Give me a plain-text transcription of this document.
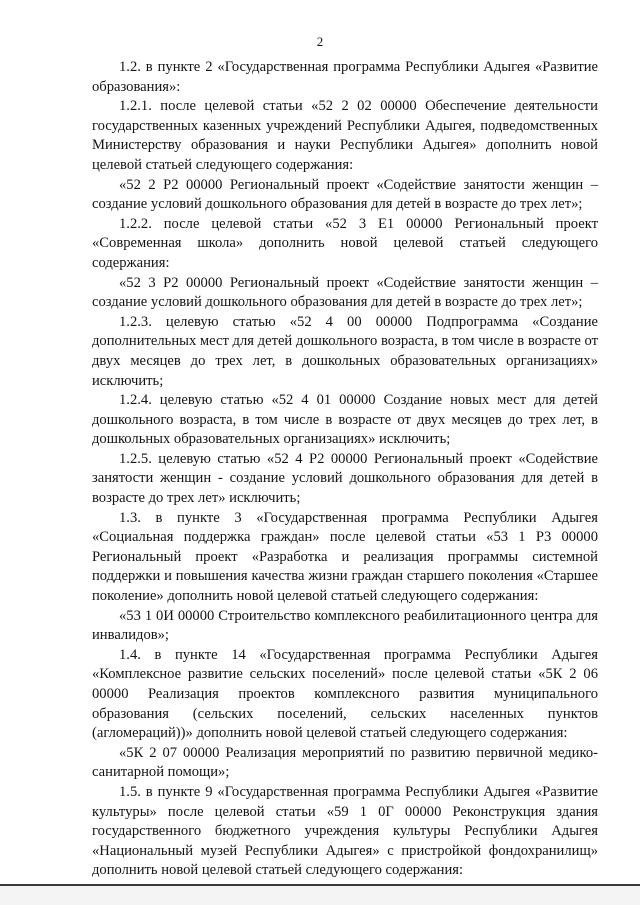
2

1.2. в пункте 2 «Государственная программа Республики Адыгея «Развитие образования»:

1.2.1. после целевой статьи «52 2 02 00000 Обеспечение деятельности государственных казенных учреждений Республики Адыгея, подведомственных Министерству образования и науки Республики Адыгея» дополнить новой целевой статьей следующего содержания:

«52 2 P2 00000 Региональный проект «Содействие занятости женщин – создание условий дошкольного образования для детей в возрасте до трех лет»;

1.2.2. после целевой статьи «52 3 E1 00000 Региональный проект «Современная школа» дополнить новой целевой статьей следующего содержания:

«52 3 P2 00000 Региональный проект «Содействие занятости женщин – создание условий дошкольного образования для детей в возрасте до трех лет»;

1.2.3. целевую статью «52 4 00 00000 Подпрограмма «Создание дополнительных мест для детей дошкольного возраста, в том числе в возрасте от двух месяцев до трех лет, в дошкольных образовательных организациях» исключить;

1.2.4. целевую статью «52 4 01 00000 Создание новых мест для детей дошкольного возраста, в том числе в возрасте от двух месяцев до трех лет, в дошкольных образовательных организациях» исключить;

1.2.5. целевую статью «52 4 P2 00000 Региональный проект «Содействие занятости женщин - создание условий дошкольного образования для детей в возрасте до трех лет» исключить;

1.3. в пункте 3 «Государственная программа Республики Адыгея «Социальная поддержка граждан» после целевой статьи «53 1 P3 00000 Региональный проект «Разработка и реализация программы системной поддержки и повышения качества жизни граждан старшего поколения «Старшее поколение» дополнить новой целевой статьей следующего содержания:

«53 1 0И 00000 Строительство комплексного реабилитационного центра для инвалидов»;

1.4. в пункте 14 «Государственная программа Республики Адыгея «Комплексное развитие сельских поселений» после целевой статьи «5К 2 06 00000 Реализация проектов комплексного развития муниципального образования (сельских поселений, сельских населенных пунктов (агломераций))» дополнить новой целевой статьей следующего содержания:

«5К 2 07 00000 Реализация мероприятий по развитию первичной медико-санитарной помощи»;

1.5. в пункте 9 «Государственная программа Республики Адыгея «Развитие культуры» после целевой статьи «59 1 0Г 00000 Реконструкция здания государственного бюджетного учреждения культуры Республики Адыгея «Национальный музей Республики Адыгея» с пристройкой фондохранилищ» дополнить новой целевой статьей следующего содержания:
